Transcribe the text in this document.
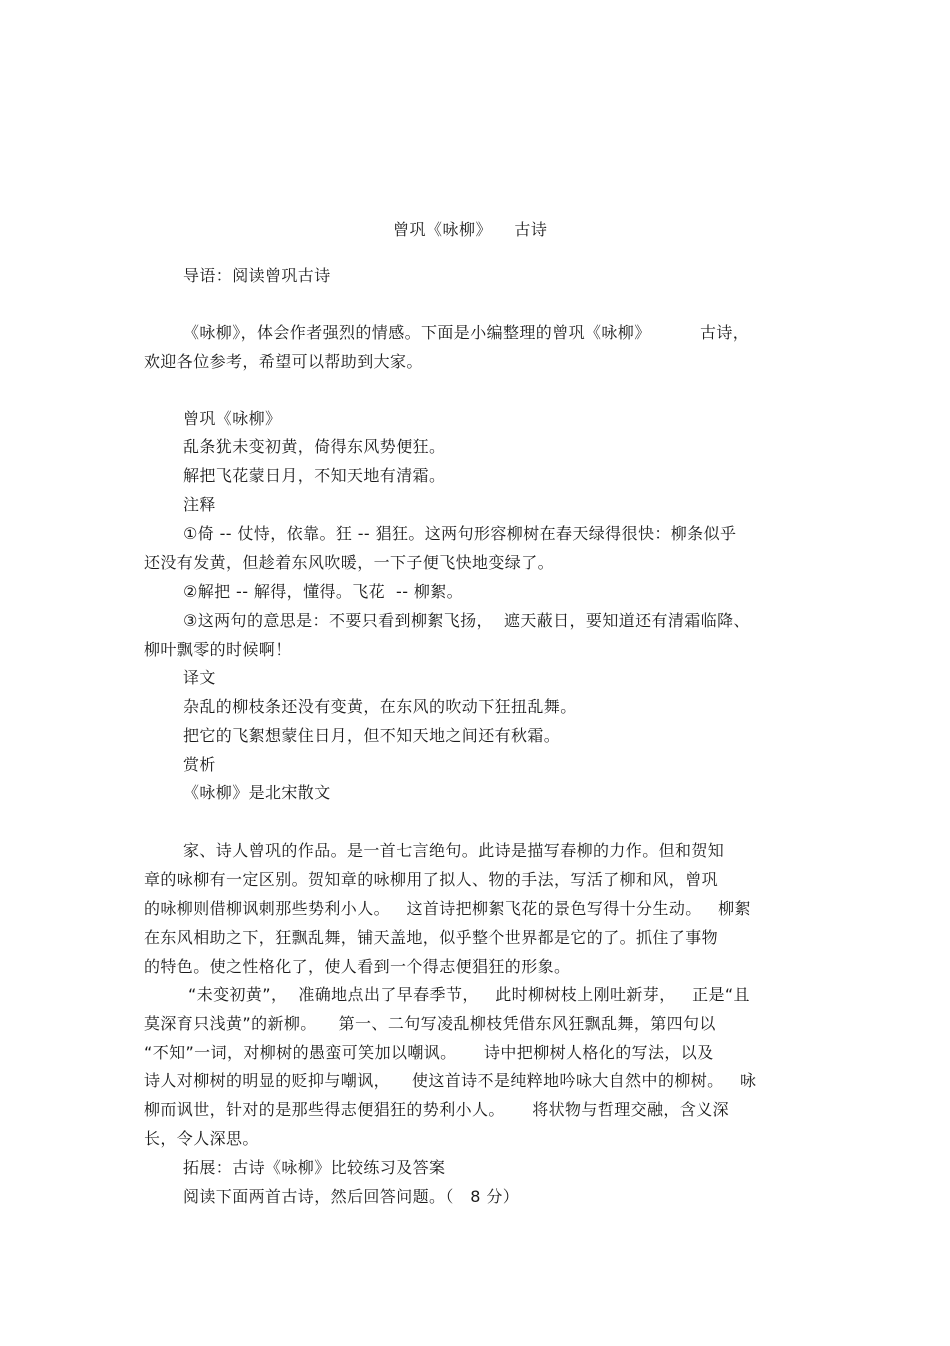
曾巩《咏柳》    古诗
导语：阅读曾巩古诗
《咏柳》，体会作者强烈的情感。下面是小编整理的曾巩《咏柳》         古诗，
欢迎各位参考，希望可以帮助到大家。
曾巩《咏柳》
乱条犹未变初黄，倚得东风势便狂。
解把飞花蒙日月，不知天地有清霜。
注释
①倚 -- 仗恃，依靠。狂 -- 猖狂。这两句形容柳树在春天绿得很快：柳条似乎
还没有发黄，但趁着东风吹暖，一下子便飞快地变绿了。
②解把 -- 解得，懂得。飞花  -- 柳絮。
③这两句的意思是：不要只看到柳絮飞扬，  遮天蔽日，要知道还有清霜临降、
柳叶飘零的时候啊！
译文
杂乱的柳枝条还没有变黄，在东风的吹动下狂扭乱舞。
把它的飞絮想蒙住日月，但不知天地之间还有秋霜。
赏析
《咏柳》是北宋散文
家、诗人曾巩的作品。是一首七言绝句。此诗是描写春柳的力作。但和贺知
章的咏柳有一定区别。贺知章的咏柳用了拟人、物的手法，写活了柳和风，曾巩
的咏柳则借柳讽刺那些势利小人。   这首诗把柳絮飞花的景色写得十分生动。   柳絮
在东风相助之下，狂飘乱舞，铺天盖地，似乎整个世界都是它的了。抓住了事物
的特色。使之性格化了，使人看到一个得志便猖狂的形象。
“未变初黄”，  准确地点出了早春季节，   此时柳树枝上刚吐新芽，   正是“且
莫深育只浅黄”的新柳。    第一、二句写凌乱柳枝凭借东风狂飘乱舞，第四句以
“不知”一词，对柳树的愚蛮可笑加以嘲讽。     诗中把柳树人格化的写法，以及
诗人对柳树的明显的贬抑与嘲讽，    使这首诗不是纯粹地吟咏大自然中的柳树。   咏
柳而讽世，针对的是那些得志便猖狂的势利小人。     将状物与哲理交融，含义深
长，令人深思。
拓展：古诗《咏柳》比较练习及答案
阅读下面两首古诗，然后回答问题。（   8 分）
